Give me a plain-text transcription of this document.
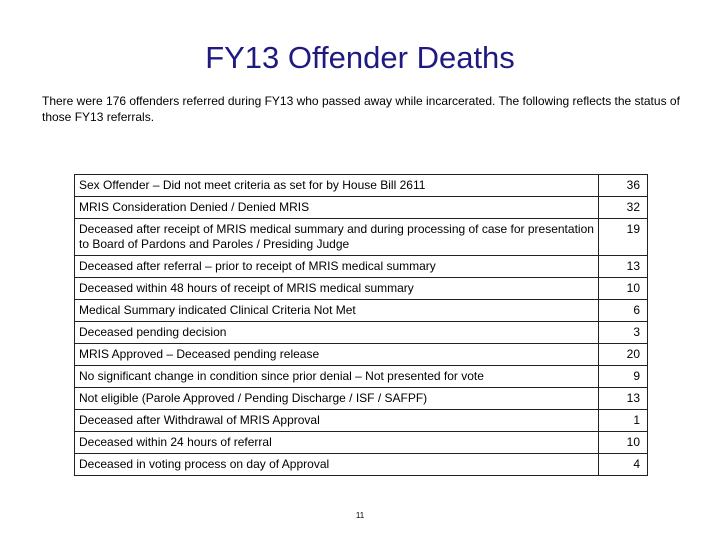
FY13 Offender Deaths
There were 176 offenders referred during FY13 who passed away while incarcerated. The following reflects the status of those FY13 referrals.
Sex Offender – Did not meet criteria as set for by House Bill 2611	36
MRIS Consideration Denied / Denied MRIS	32
Deceased after receipt of MRIS medical summary and during processing of case for presentation to Board of Pardons and Paroles / Presiding Judge	19
Deceased after referral – prior to receipt of MRIS medical summary	13
Deceased within 48 hours of receipt of MRIS medical summary	10
Medical Summary indicated Clinical Criteria Not Met	6
Deceased pending decision	3
MRIS Approved – Deceased pending release	20
No significant change in condition since prior denial – Not presented for vote	9
Not eligible (Parole Approved / Pending Discharge / ISF / SAFPF)	13
Deceased after Withdrawal of MRIS Approval	1
Deceased within 24 hours of referral	10
Deceased in voting process on day of Approval	4
11
